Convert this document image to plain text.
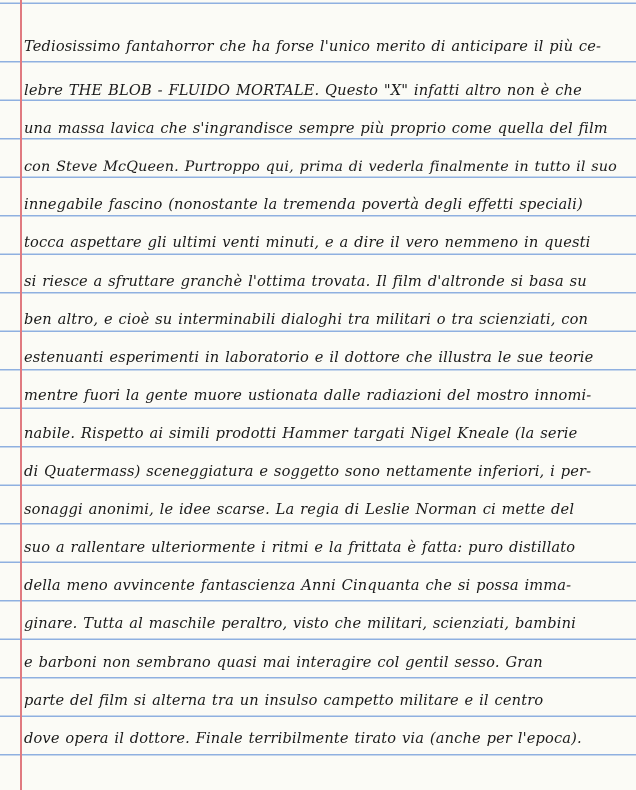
Tediosissimo fantahorror che ha forse l'unico merito di anticipare il più ce-
lebre THE BLOB - FLUIDO MORTALE. Questo "X" infatti altro non è che
una massa lavica che s'ingrandisce sempre più proprio come quella del film
con Steve McQueen. Purtroppo qui, prima di vederla finalmente in tutto il suo
innegabile fascino (nonostante la tremenda povertà degli effetti speciali)
tocca aspettare gli ultimi venti minuti, e a dire il vero nemmeno in questi
si riesce a sfruttare granchè l'ottima trovata. Il film d'altronde si basa su
ben altro, e cioè su interminabili dialoghi tra militari o tra scienziati, con
estenuanti esperimenti in laboratorio e il dottore che illustra le sue teorie
mentre fuori la gente muore ustionata dalle radiazioni del mostro innomi-
nabile. Rispetto ai simili prodotti Hammer targati Nigel Kneale (la serie
di Quatermass) sceneggiatura e soggetto sono nettamente inferiori, i per-
sonaggi anonimi, le idee scarse. La regia di Leslie Norman ci mette del
suo a rallentare ulteriormente i ritmi e la frittata è fatta: puro distillato
della meno avvincente fantascienza Anni Cinquanta che si possa imma-
ginare. Tutta al maschile peraltro, visto che militari, scienziati, bambini
e barboni non sembrano quasi mai interagire col gentil sesso. Gran
parte del film si alterna tra un insulso campetto militare e il centro
dove opera il dottore. Finale terribilmente tirato via (anche per l'epoca).
